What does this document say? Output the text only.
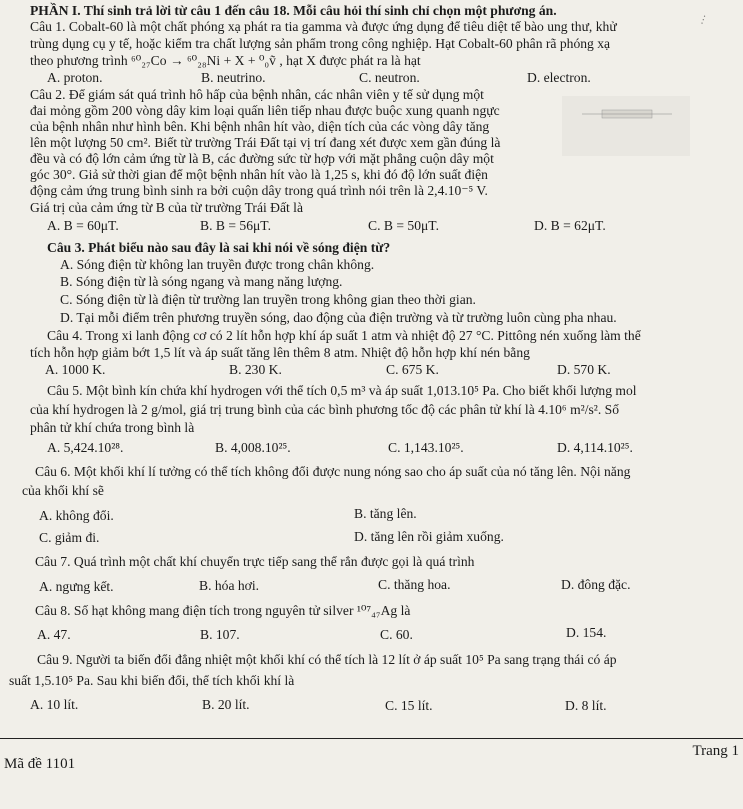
PHẦN I. Thí sinh trả lời từ câu 1 đến câu 18. Mỗi câu hỏi thí sinh chỉ chọn một phương án.
Câu 1. Cobalt-60 là một chất phóng xạ phát ra tia gamma và được ứng dụng để tiêu diệt tế bào ung thư, khử
trùng dụng cụ y tế, hoặc kiểm tra chất lượng sản phẩm trong công nghiệp. Hạt Cobalt-60 phân rã phóng xạ
theo phương trình ⁶⁰₂₇Co → ⁶⁰₂₈Ni + X + ⁰₀ṽ , hạt X được phát ra là hạt
A. proton.	B. neutrino.	C. neutron.	D. electron.
Câu 2. Để giám sát quá trình hô hấp của bệnh nhân, các nhân viên y tế sử dụng một
đai mỏng gồm 200 vòng dây kim loại quấn liên tiếp nhau được buộc xung quanh ngực
của bệnh nhân như hình bên. Khi bệnh nhân hít vào, diện tích của các vòng dây tăng
lên một lượng 50 cm². Biết từ trường Trái Đất tại vị trí đang xét được xem gần đúng là
đều và có độ lớn cảm ứng từ là B, các đường sức từ hợp với mặt phẳng cuộn dây một
góc 30°. Giả sử thời gian để một bệnh nhân hít vào là 1,25 s, khi đó độ lớn suất điện
động cảm ứng trung bình sinh ra bởi cuộn dây trong quá trình nói trên là 2,4.10⁻⁵ V.
Giá trị của cảm ứng từ B của từ trường Trái Đất là
A. B = 60μT.	B. B = 56μT.	C. B = 50μT.	D. B = 62μT.
…
Câu 3. Phát biểu nào sau đây là sai khi nói về sóng điện từ?
A. Sóng điện từ không lan truyền được trong chân không.
B. Sóng điện từ là sóng ngang và mang năng lượng.
C. Sóng điện từ là điện từ trường lan truyền trong không gian theo thời gian.
D. Tại mỗi điểm trên phương truyền sóng, dao động của điện trường và từ trường luôn cùng pha nhau.
Câu 4. Trong xi lanh động cơ có 2 lít hỗn hợp khí áp suất 1 atm và nhiệt độ 27 °C. Pittông nén xuống làm thể
tích hỗn hợp giảm bớt 1,5 lít và áp suất tăng lên thêm 8 atm. Nhiệt độ hỗn hợp khí nén bằng
A. 1000 K.	B. 230 K.	C. 675 K.	D. 570 K.
Câu 5. Một bình kín chứa khí hydrogen với thể tích 0,5 m³ và áp suất 1,013.10⁵ Pa. Cho biết khối lượng mol
của khí hydrogen là 2 g/mol, giá trị trung bình của các bình phương tốc độ các phân tử khí là 4.10⁶ m²/s². Số
phân tử khí chứa trong bình là
A. 5,424.10²⁸.	B. 4,008.10²⁵.	C. 1,143.10²⁵.	D. 4,114.10²⁵.
Câu 6. Một khối khí lí tưởng có thể tích không đổi được nung nóng sao cho áp suất của nó tăng lên. Nội năng
của khối khí sẽ
A. không đổi.	B. tăng lên.
C. giảm đi.	D. tăng lên rồi giảm xuống.
Câu 7. Quá trình một chất khí chuyển trực tiếp sang thể rắn được gọi là quá trình
A. ngưng kết.	B. hóa hơi.	C. thăng hoa.	D. đông đặc.
Câu 8. Số hạt không mang điện tích trong nguyên tử silver ¹⁰⁷₄₇Ag là
A. 47.	B. 107.	C. 60.	D. 154.
Câu 9. Người ta biến đổi đẳng nhiệt một khối khí có thể tích là 12 lít ở áp suất 10⁵ Pa sang trạng thái có áp
suất 1,5.10⁵ Pa. Sau khi biến đổi, thể tích khối khí là
A. 10 lít.	B. 20 lít.	C. 15 lít.	D. 8 lít.
Mã đề 1101
Trang 1
